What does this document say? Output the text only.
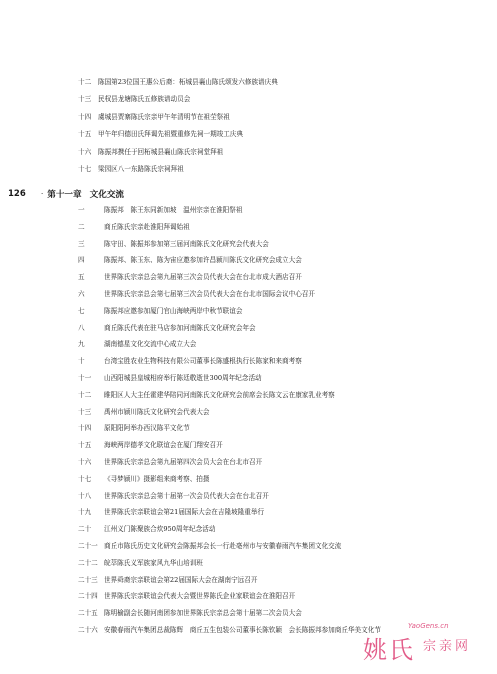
十二	陈国第23位国王惠公后裔：柘城县襄山陈氏颂发六修族谱庆典
十三	民权县龙塘陈氏五修族谱动员会
十四	虞城县贾寨陈氏宗亲甲午年清明节在祖茔祭祖
十五	甲午年归德田氏拜谒先祖暨重修先祠一期竣工庆典
十六	陈振邦携任于回柘城县襄山陈氏宗祠堂拜祖
十七	梁园区八一东路陈氏宗祠拜祖
126	· 第十一章 文化交流
一	陈振邦　陈王东同新加坡　温州宗亲在淮阳祭祖
二	商丘陈氏宗亲赴淮阳拜谒始祖
三	陈守田、陈振邦参加第三届河南陈氏文化研究会代表大会
四	陈振邦、陈玉东、陈为宙应邀参加许昌颍川陈氏文化研究会成立大会
五	世界陈氏宗亲总会第九届第三次会员代表大会在台北市成大酒店召开
六	世界陈氏宗亲总会第七届第三次会员代表大会在台北市国际会议中心召开
七	陈振邦应邀参加厦门官山海峡两岸中秋节联谊会
八	商丘陈氏代表在驻马店参加河南陈氏文化研究会年会
九	湖南德星文化交流中心成立大会
十	台湾宝胜农业生物科技有限公司董事长陈盛根执行长陈家和来商考察
十一	山西阳城县皇城相府举行陈廷敬逝世300周年纪念活动
十二	睢阳区人大主任霍建华陪同河南陈氏文化研究会前席会长陈文云在康家乳业考察
十三	禹州市颍川陈氏文化研究会代表大会
十四	原阳阳阿举办西汉陈平文化节
十五	海峡两岸德孝文化联谊会在厦门翔安召开
十六	世界陈氏宗亲总会第九届第四次会员大会在台北市召开
十七	《寻梦颍川》摄影组来商考察、拍摄
十八	世界陈氏宗亲总会第十届第一次会员代表大会在台北召开
十九	世界陈氏宗亲联谊会第21届国际大会在吉隆坡隆重举行
二十	江州义门陈聚族合炊950周年纪念活动
二十一 商丘市陈氏历史文化研究会陈振邦会长一行赴亳州市与安徽春雨汽车集团文化交流
二十二 皖萃陈氏义军族家风九华山培训班
二十三 世界舜裔宗亲联谊会第22届国际大会在湖南宁远召开
二十四 世界陈氏宗亲联谊会代表大会暨世界陈氏企业家联谊会在淮阳召开
二十五 陈明榆副会长随河南团参加世界陈氏宗亲总会第十届第二次会员大会
二十六 安徽春雨汽车集团总裁陈辉　商丘五生包装公司董事长陈钦颖　会长陈振邦参加商丘华美文化节
姚氏
YaoGens.cn
宗亲网
